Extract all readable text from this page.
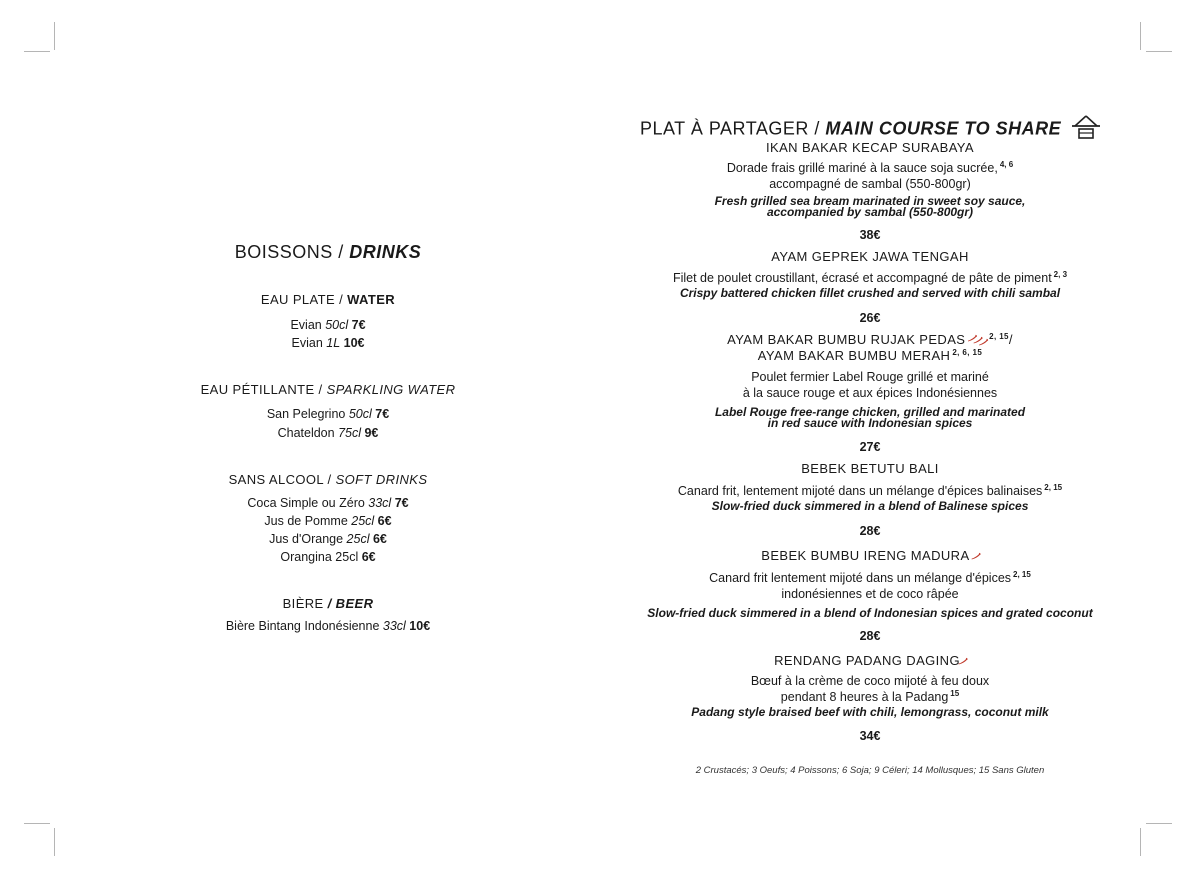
BOISSONS / DRINKS
EAU PLATE / WATER
Evian 50cl 7€
Evian 1L 10€
EAU PÉTILLANTE / SPARKLING WATER
San Pelegrino 50cl 7€
Chateldon 75cl 9€
SANS ALCOOL / SOFT DRINKS
Coca Simple ou Zéro 33cl 7€
Jus de Pomme 25cl 6€
Jus d'Orange 25cl 6€
Orangina 25cl 6€
BIÈRE / BEER
Bière Bintang Indonésienne 33cl 10€
PLAT À PARTAGER / MAIN COURSE TO SHARE
IKAN BAKAR KECAP SURABAYA
Dorade frais grillé mariné à la sauce soja sucrée, $^{4, 6}$
accompagné de sambal (550-800gr)
Fresh grilled sea bream marinated in sweet soy sauce,
accompanied by sambal (550-800gr)
38€
AYAM GEPREK JAWA TENGAH
Filet de poulet croustillant, écrasé et accompagné de pâte de piment $^{2, 3}$
Crispy battered chicken fillet crushed and served with chili sambal
26€
AYAM BAKAR BUMBU RUJAK PEDAS ﾉﾉﾉ$^{2, 15}$/
AYAM BAKAR BUMBU MERAH $^{2, 6, 15}$
Poulet fermier Label Rouge grillé et mariné
à la sauce rouge et aux épices Indonésiennes
Label Rouge free-range chicken, grilled and marinated
in red sauce with Indonesian spices
27€
BEBEK BETUTU BALI
Canard frit, lentement mijoté dans un mélange d'épices balinaises $^{2, 15}$
Slow-fried duck simmered in a blend of Balinese spices
28€
BEBEK BUMBU IRENG MADURA ﾉ
Canard frit lentement mijoté dans un mélange d'épices $^{2, 15}$
indonésiennes et de coco râpée
Slow-fried duck simmered in a blend of Indonesian spices and grated coconut
28€
RENDANG PADANG DAGINGﾉ
Bœuf à la crème de coco mijoté à feu doux
pendant 8 heures à la Padang $^{15}$
Padang style braised beef with chili, lemongrass, coconut milk
34€
2 Crustacés; 3 Oeufs; 4 Poissons; 6 Soja; 9 Céleri; 14 Mollusques; 15 Sans Gluten
